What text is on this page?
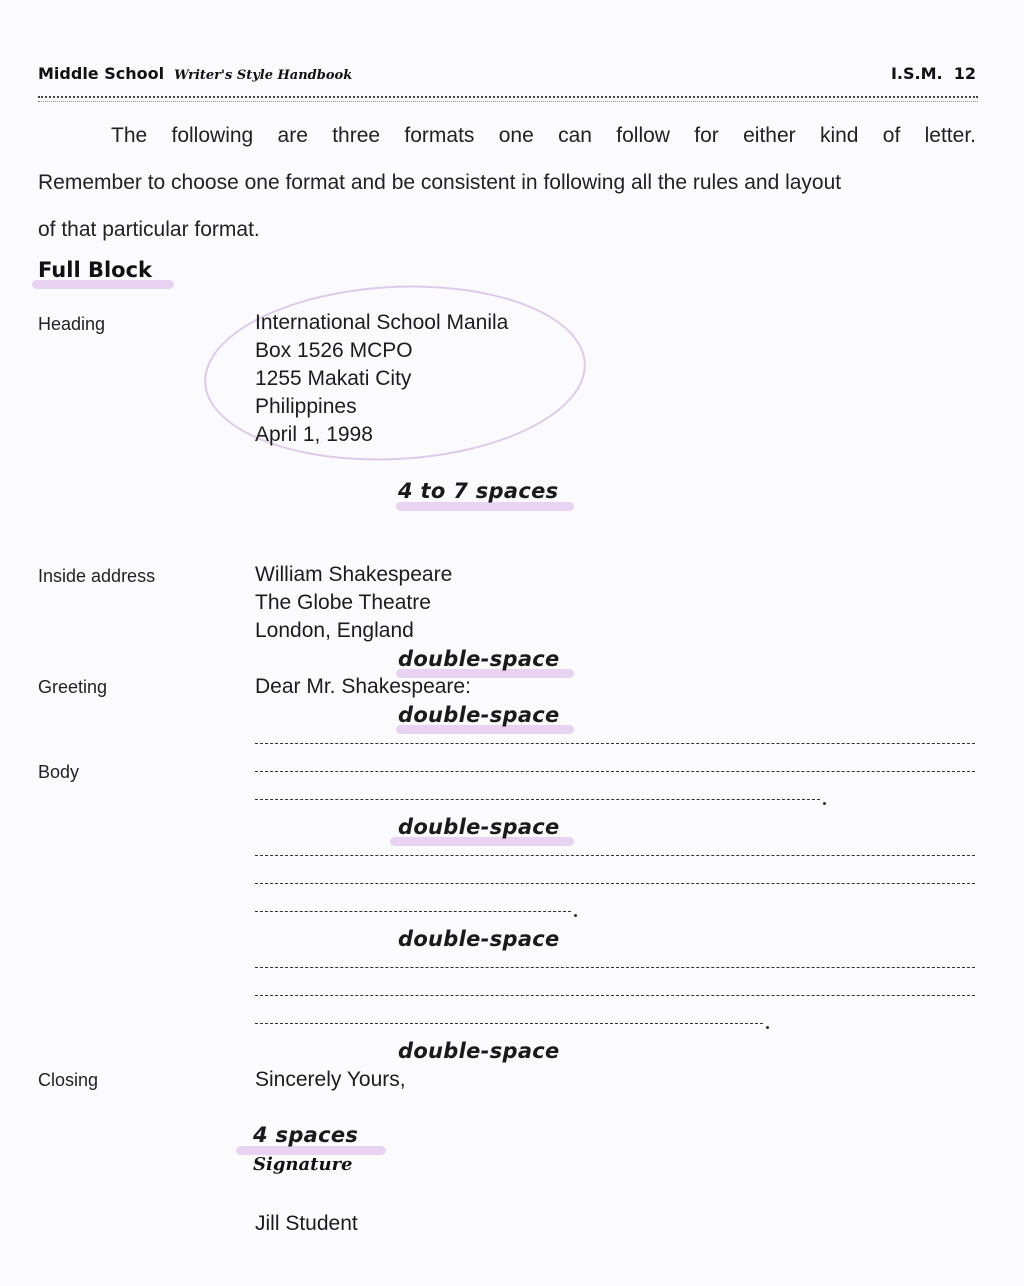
Middle School Writer's Style Handbook	I.S.M. 12
The following are three formats one can follow for either kind of letter.
Remember to choose one format and be consistent in following all the rules and layout
of that particular format.
Full Block
Heading	International School Manila
Box 1526 MCPO
1255 Makati City
Philippines
April 1, 1998
4 to 7 spaces
Inside address	William Shakespeare
The Globe Theatre
London, England
double-space
Greeting	Dear Mr. Shakespeare:
double-space
Body
double-space
double-space
double-space
Closing	Sincerely Yours,
4 spaces
Signature
Jill Student
